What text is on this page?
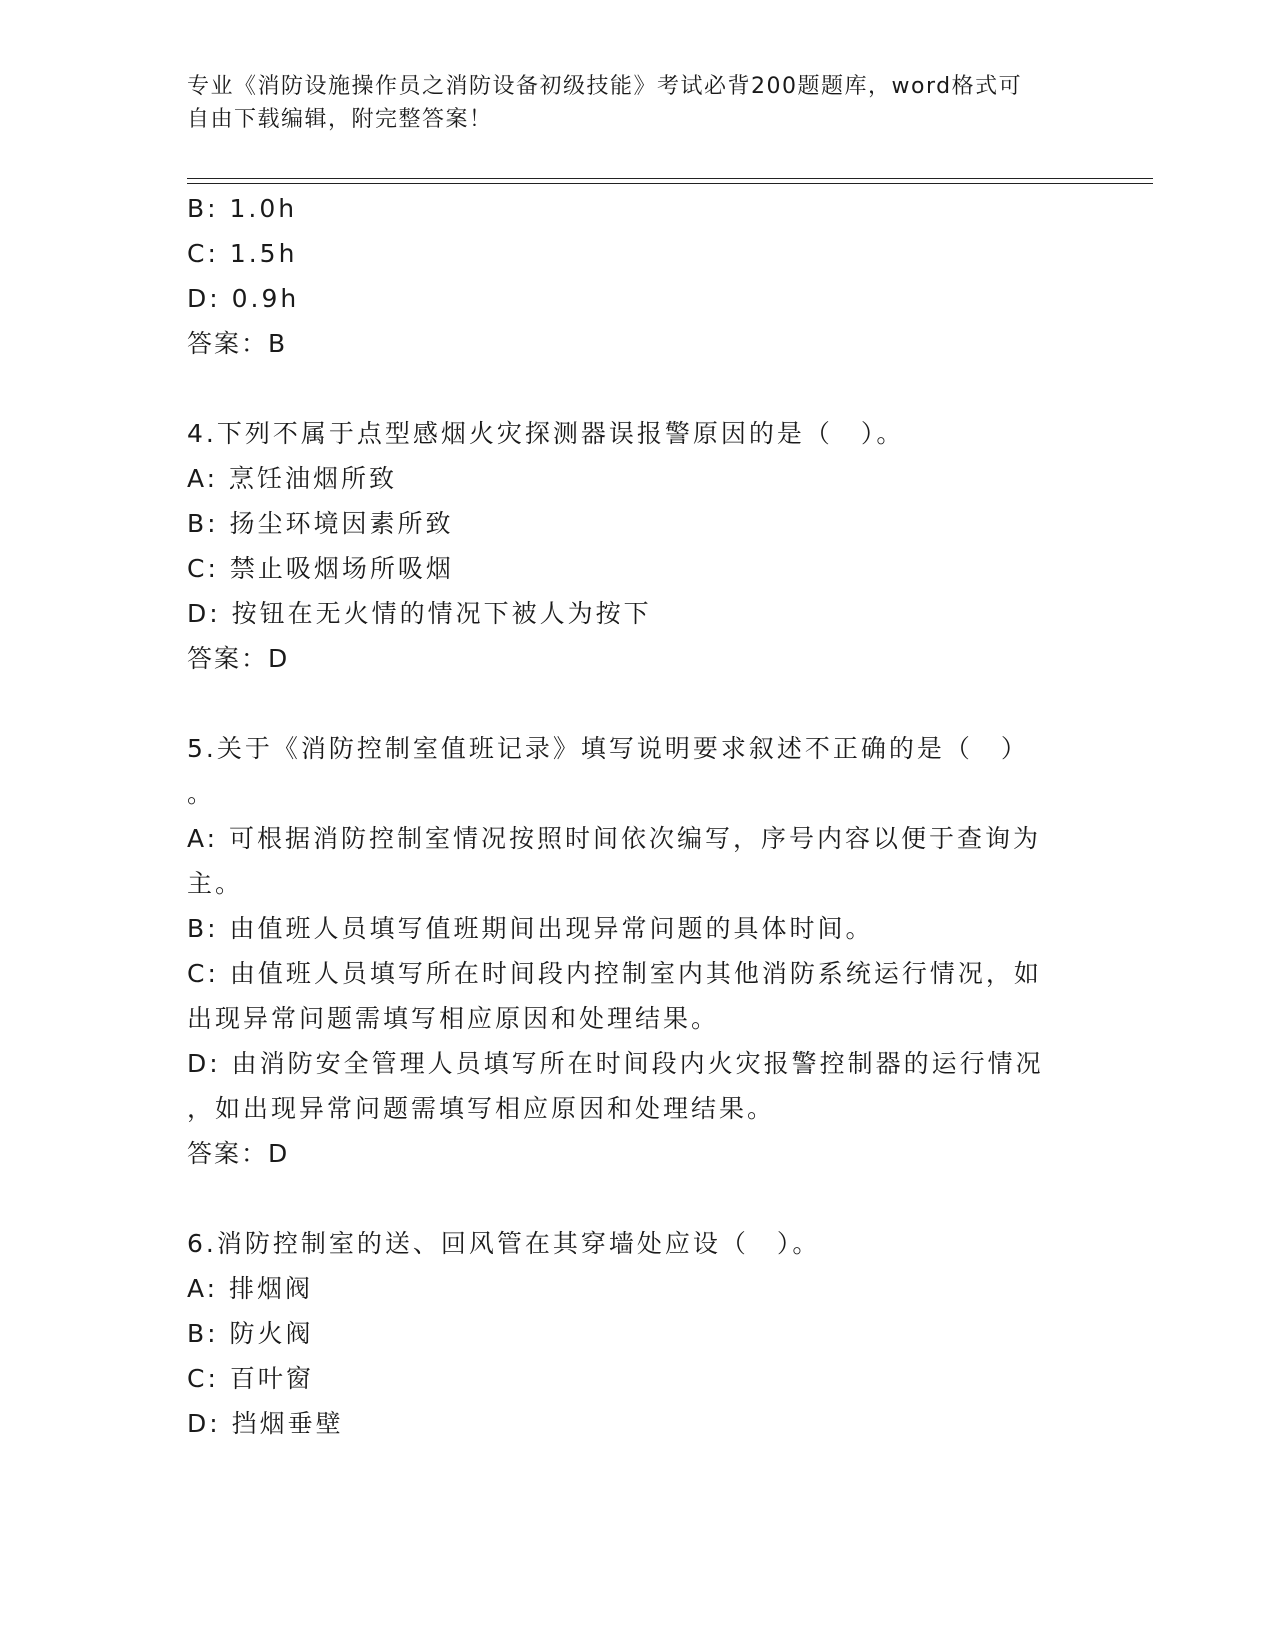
专业《消防设施操作员之消防设备初级技能》考试必背200题题库，word格式可
自由下载编辑，附完整答案！
B: 1.0h
C: 1.5h
D: 0.9h
答案：B
4.下列不属于点型感烟火灾探测器误报警原因的是（　）。
A: 烹饪油烟所致
B: 扬尘环境因素所致
C: 禁止吸烟场所吸烟
D: 按钮在无火情的情况下被人为按下
答案：D
5.关于《消防控制室值班记录》填写说明要求叙述不正确的是（　）
。
A: 可根据消防控制室情况按照时间依次编写，序号内容以便于查询为
主。
B: 由值班人员填写值班期间出现异常问题的具体时间。
C: 由值班人员填写所在时间段内控制室内其他消防系统运行情况，如
出现异常问题需填写相应原因和处理结果。
D: 由消防安全管理人员填写所在时间段内火灾报警控制器的运行情况
，如出现异常问题需填写相应原因和处理结果。
答案：D
6.消防控制室的送、回风管在其穿墙处应设（　）。
A: 排烟阀
B: 防火阀
C: 百叶窗
D: 挡烟垂壁
